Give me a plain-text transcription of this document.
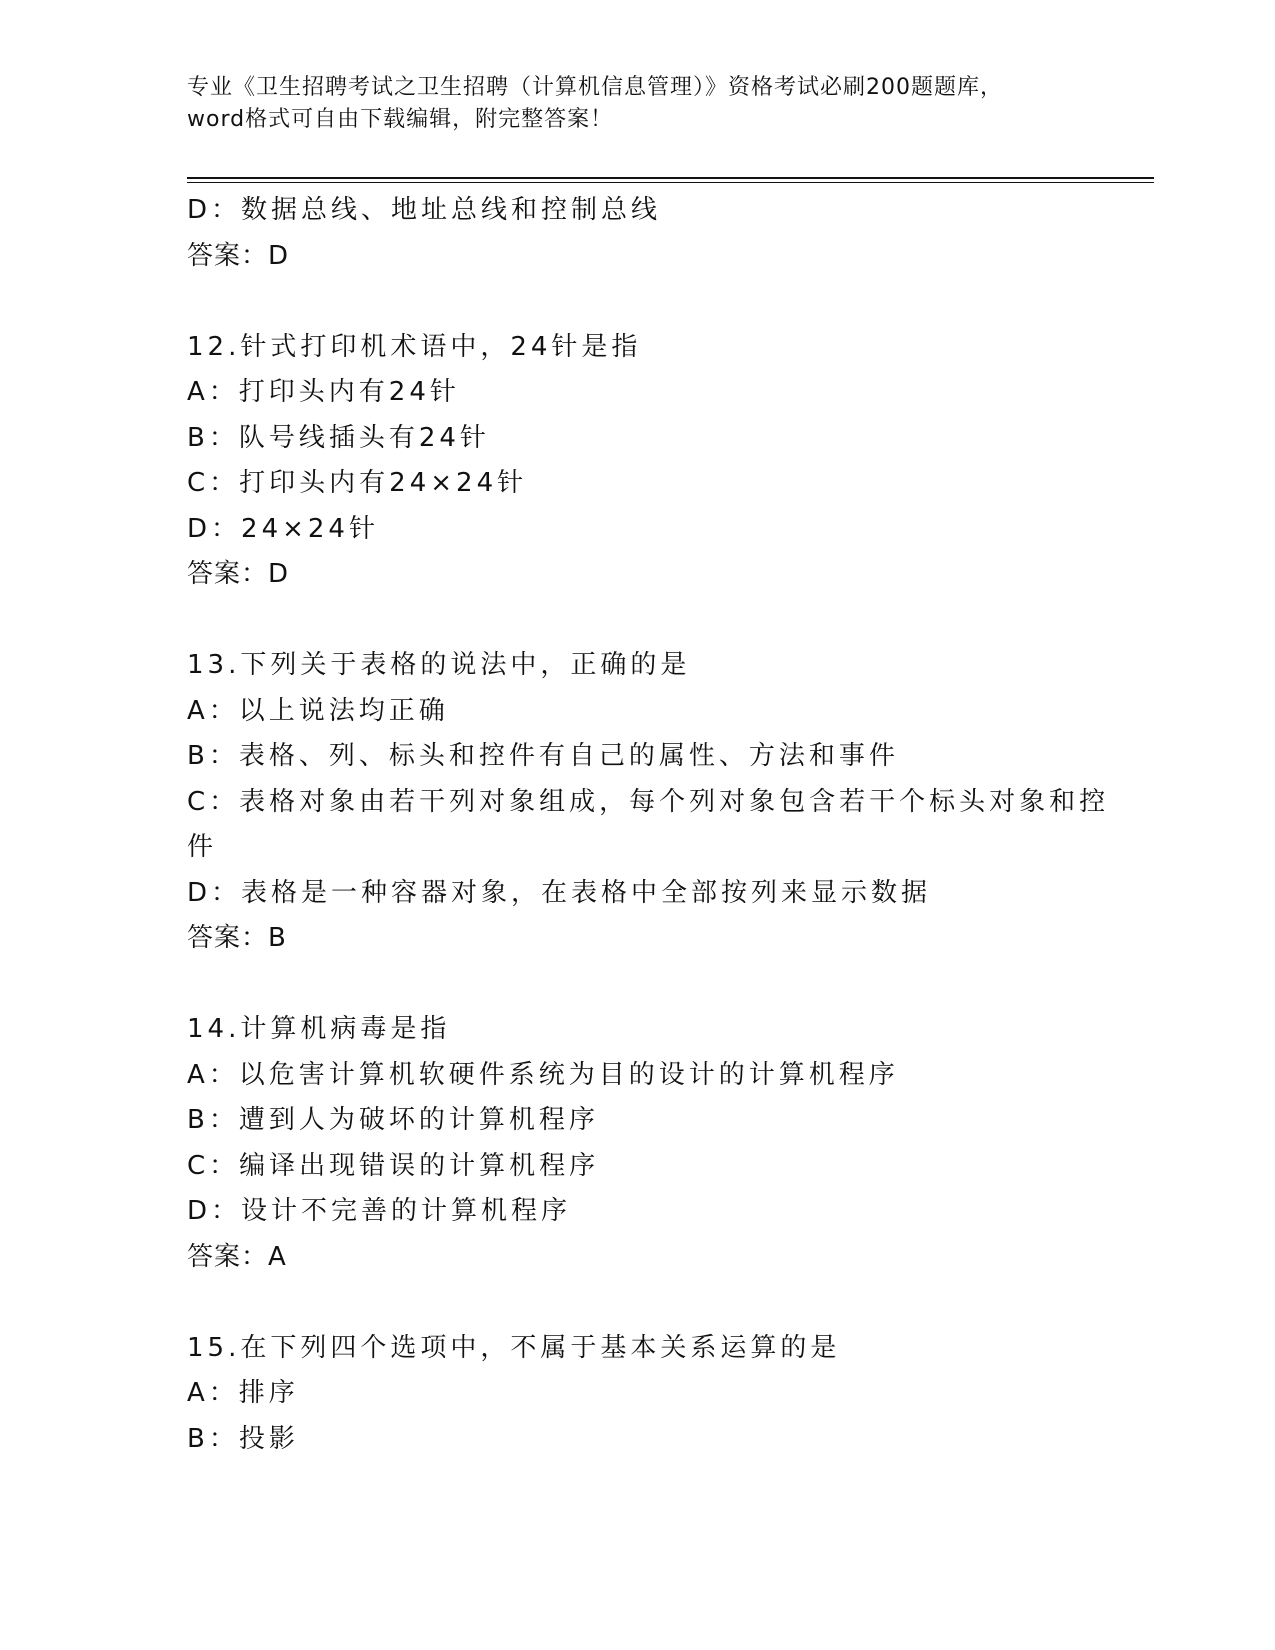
专业《卫生招聘考试之卫生招聘（计算机信息管理）》资格考试必刷200题题库，
word格式可自由下载编辑，附完整答案！
D：数据总线、地址总线和控制总线
答案：D
12.针式打印机术语中，24针是指
A：打印头内有24针
B：队号线插头有24针
C：打印头内有24×24针
D：24×24针
答案：D
13.下列关于表格的说法中，正确的是
A：以上说法均正确
B：表格、列、标头和控件有自己的属性、方法和事件
C：表格对象由若干列对象组成，每个列对象包含若干个标头对象和控
件
D：表格是一种容器对象，在表格中全部按列来显示数据
答案：B
14.计算机病毒是指
A：以危害计算机软硬件系统为目的设计的计算机程序
B：遭到人为破坏的计算机程序
C：编译出现错误的计算机程序
D：设计不完善的计算机程序
答案：A
15.在下列四个选项中，不属于基本关系运算的是
A：排序
B：投影
